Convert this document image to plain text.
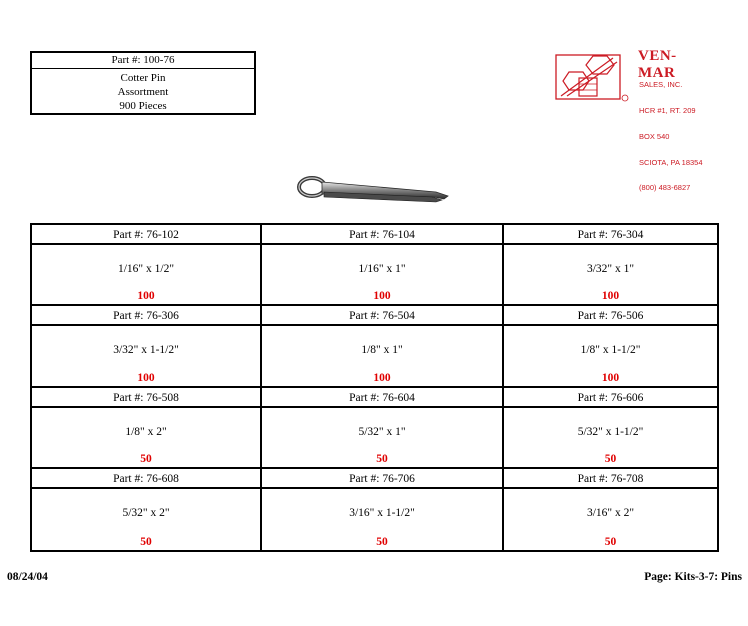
Part #: 100-76
Cotter Pin
Assortment
900 Pieces
VEN-MAR

SALES, INC.

HCR #1, RT. 209

BOX 540

SCIOTA, PA 18354

(800) 483-6827

Part #: 76-102
1/16" x 1/2"
100
Part #: 76-104
1/16" x 1"
100
Part #: 76-304
3/32" x 1"
100
Part #: 76-306
3/32" x 1-1/2"
100
Part #: 76-504
1/8" x 1"
100
Part #: 76-506
1/8" x 1-1/2"
100
Part #: 76-508
1/8" x 2"
50
Part #: 76-604
5/32" x 1"
50
Part #: 76-606
5/32" x 1-1/2"
50
Part #: 76-608
5/32" x 2"
50
Part #: 76-706
3/16" x 1-1/2"
50
Part #: 76-708
3/16" x 2"
50
08/24/04	Page: Kits-3-7: Pins
